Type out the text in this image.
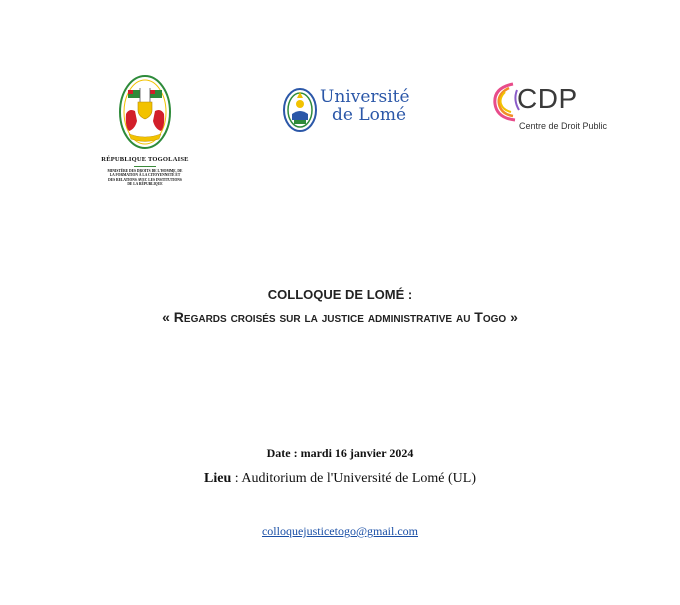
RÉPUBLIQUE TOGOLAISE
MINISTÈRE DES DROITS DE L'HOMME, DE
LA FORMATION À LA CITOYENNETÉ ET
DES RELATIONS AVEC LES INSTITUTIONS
DE LA RÉPUBLIQUE
Université
de Lomé
CDP
Centre de Droit Public
COLLOQUE DE LOMÉ :
« Regards croisés sur la justice administrative au Togo »
Date : mardi 16 janvier 2024
Lieu : Auditorium de l'Université de Lomé (UL)
colloquejusticetogo@gmail.com
